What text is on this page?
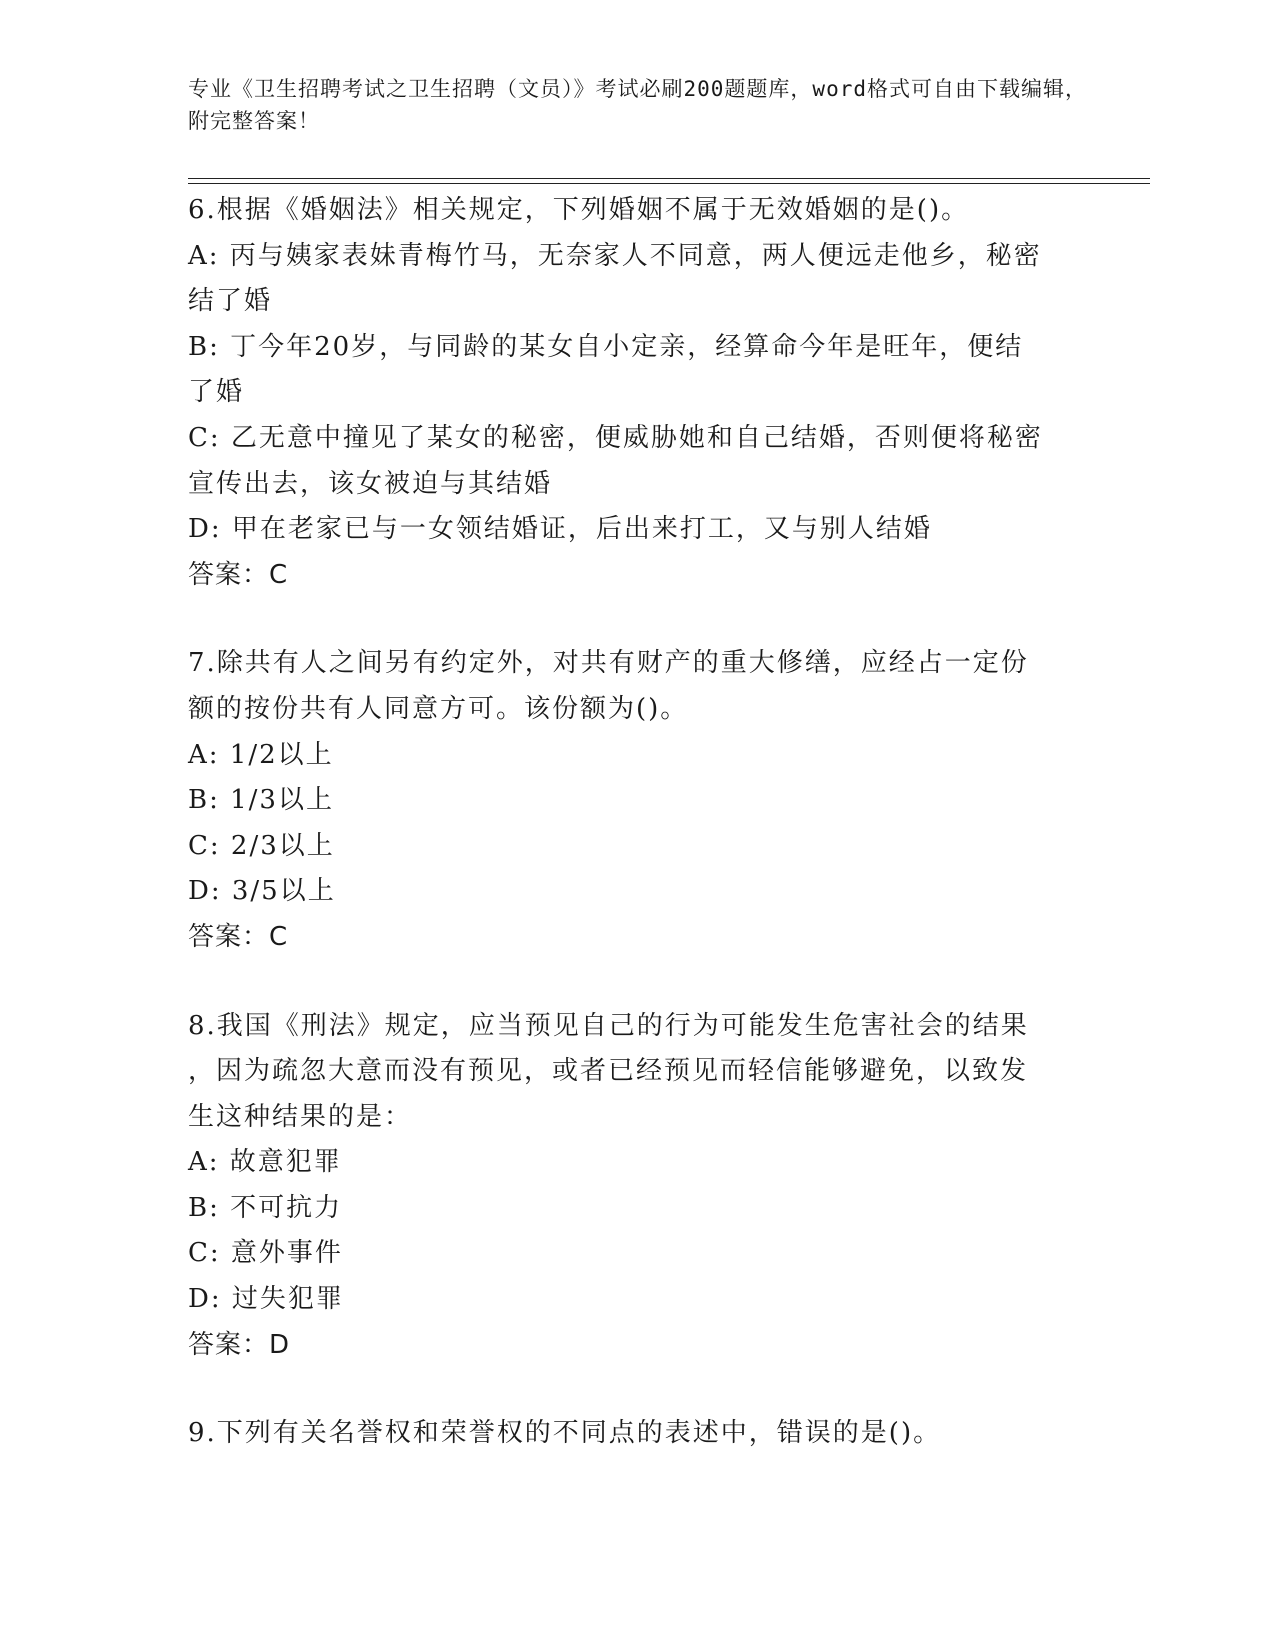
专业《卫生招聘考试之卫生招聘（文员）》考试必刷200题题库，word格式可自由下载编辑，附完整答案！
6.根据《婚姻法》相关规定，下列婚姻不属于无效婚姻的是()。
A: 丙与姨家表妹青梅竹马，无奈家人不同意，两人便远走他乡，秘密
结了婚
B: 丁今年20岁，与同龄的某女自小定亲，经算命今年是旺年，便结
了婚
C: 乙无意中撞见了某女的秘密，便威胁她和自己结婚，否则便将秘密
宣传出去，该女被迫与其结婚
D: 甲在老家已与一女领结婚证，后出来打工，又与别人结婚
答案：C
7.除共有人之间另有约定外，对共有财产的重大修缮，应经占一定份
额的按份共有人同意方可。该份额为()。
A: 1/2以上
B: 1/3以上
C: 2/3以上
D: 3/5以上
答案：C
8.我国《刑法》规定，应当预见自己的行为可能发生危害社会的结果
，因为疏忽大意而没有预见，或者已经预见而轻信能够避免，以致发
生这种结果的是：
A: 故意犯罪
B: 不可抗力
C: 意外事件
D: 过失犯罪
答案：D
9.下列有关名誉权和荣誉权的不同点的表述中，错误的是()。
